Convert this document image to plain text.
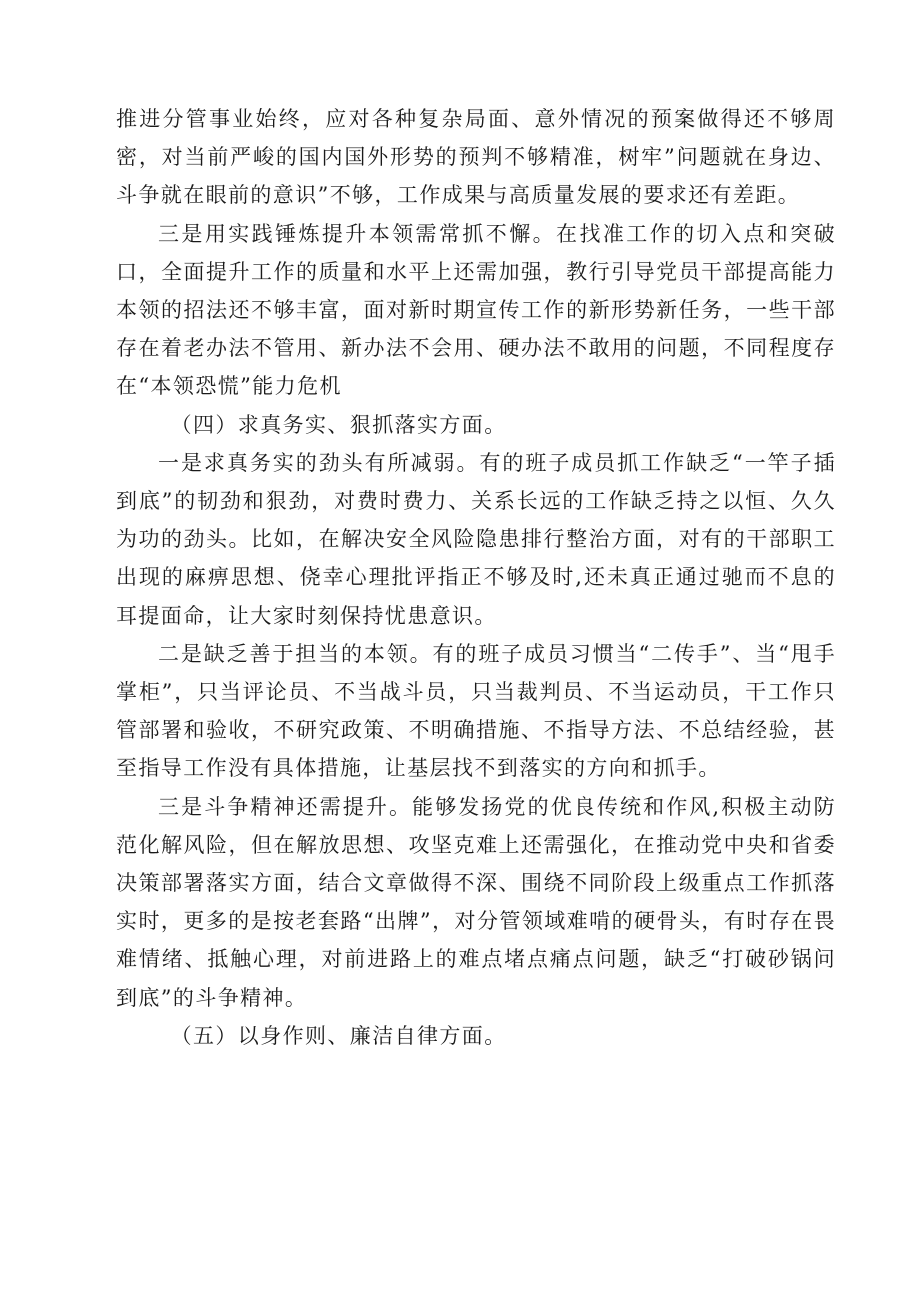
推进分管事业始终，应对各种复杂局面、意外情况的预案做得还不够周密，对当前严峻的国内国外形势的预判不够精准，树牢”问题就在身边、斗争就在眼前的意识”不够，工作成果与高质量发展的要求还有差距。

三是用实践锤炼提升本领需常抓不懈。在找准工作的切入点和突破口，全面提升工作的质量和水平上还需加强，教行引导党员干部提高能力本领的招法还不够丰富，面对新时期宣传工作的新形势新任务，一些干部存在着老办法不管用、新办法不会用、硬办法不敢用的问题，不同程度存在“本领恐慌”能力危机

（四）求真务实、狠抓落实方面。

一是求真务实的劲头有所减弱。有的班子成员抓工作缺乏“一竿子插到底”的韧劲和狠劲，对费时费力、关系长远的工作缺乏持之以恒、久久为功的劲头。比如，在解决安全风险隐患排行整治方面，对有的干部职工出现的麻痹思想、侥幸心理批评指正不够及时,还未真正通过驰而不息的耳提面命，让大家时刻保持忧患意识。

二是缺乏善于担当的本领。有的班子成员习惯当“二传手”、当“甩手掌柜”，只当评论员、不当战斗员，只当裁判员、不当运动员，干工作只管部署和验收，不研究政策、不明确措施、不指导方法、不总结经验，甚至指导工作没有具体措施，让基层找不到落实的方向和抓手。

三是斗争精神还需提升。能够发扬党的优良传统和作风,积极主动防范化解风险，但在解放思想、攻坚克难上还需强化，在推动党中央和省委决策部署落实方面，结合文章做得不深、围绕不同阶段上级重点工作抓落实时，更多的是按老套路“出牌”，对分管领域难啃的硬骨头，有时存在畏难情绪、抵触心理，对前进路上的难点堵点痛点问题，缺乏“打破砂锅问到底”的斗争精神。

（五）以身作则、廉洁自律方面。
